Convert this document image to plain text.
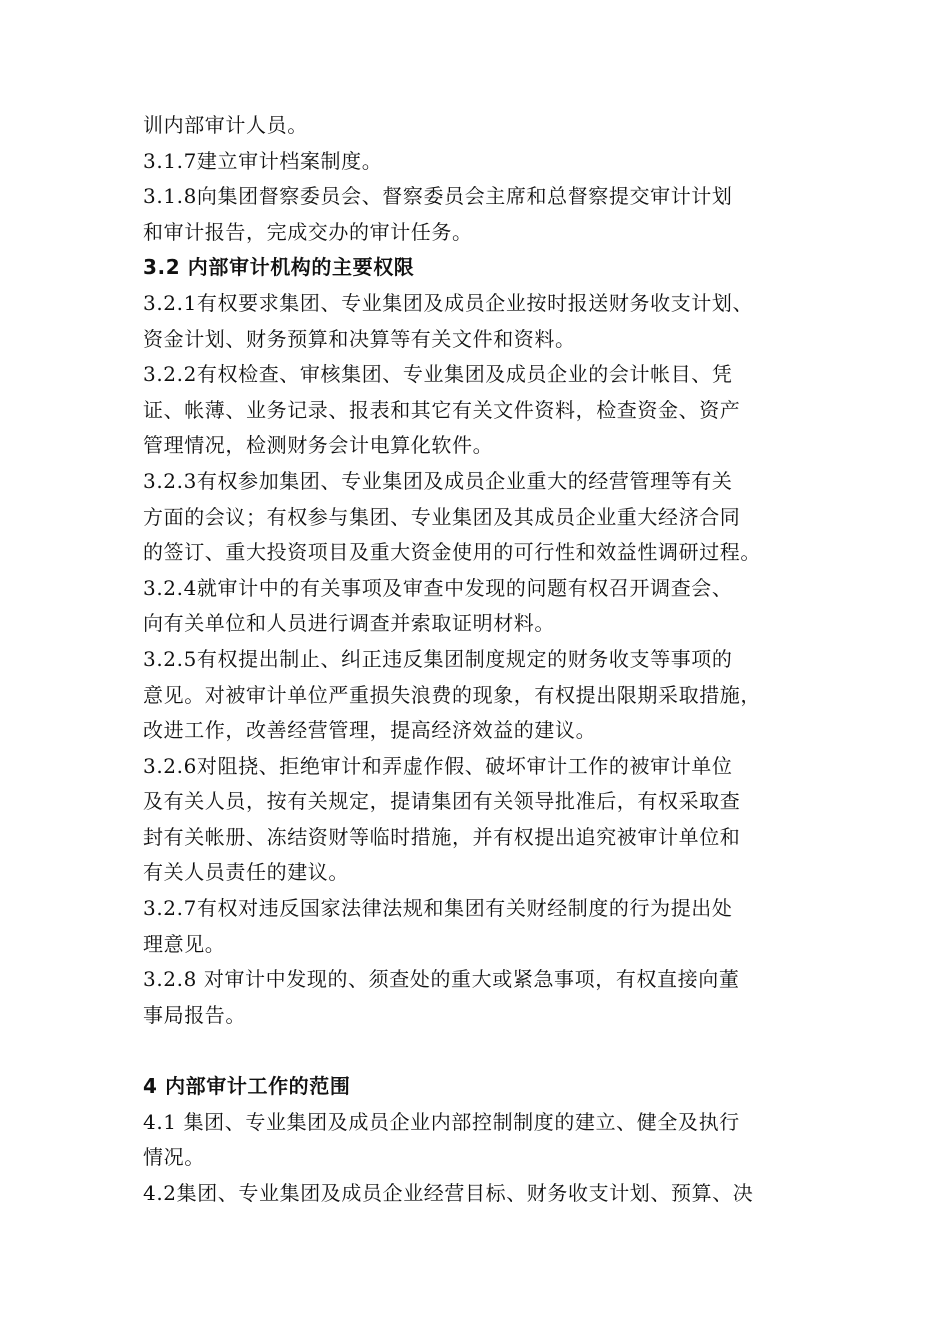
训内部审计人员。
3.1.7建立审计档案制度。
3.1.8向集团督察委员会、督察委员会主席和总督察提交审计计划
和审计报告，完成交办的审计任务。
3.2 内部审计机构的主要权限
3.2.1有权要求集团、专业集团及成员企业按时报送财务收支计划、
资金计划、财务预算和决算等有关文件和资料。
3.2.2有权检查、审核集团、专业集团及成员企业的会计帐目、凭
证、帐薄、业务记录、报表和其它有关文件资料，检查资金、资产
管理情况，检测财务会计电算化软件。
3.2.3有权参加集团、专业集团及成员企业重大的经营管理等有关
方面的会议；有权参与集团、专业集团及其成员企业重大经济合同
的签订、重大投资项目及重大资金使用的可行性和效益性调研过程。
3.2.4就审计中的有关事项及审查中发现的问题有权召开调查会、
向有关单位和人员进行调查并索取证明材料。
3.2.5有权提出制止、纠正违反集团制度规定的财务收支等事项的
意见。对被审计单位严重损失浪费的现象，有权提出限期采取措施，
改进工作，改善经营管理，提高经济效益的建议。
3.2.6对阻挠、拒绝审计和弄虚作假、破坏审计工作的被审计单位
及有关人员，按有关规定，提请集团有关领导批准后，有权采取查
封有关帐册、冻结资财等临时措施，并有权提出追究被审计单位和
有关人员责任的建议。
3.2.7有权对违反国家法律法规和集团有关财经制度的行为提出处
理意见。
3.2.8 对审计中发现的、须查处的重大或紧急事项，有权直接向董
事局报告。
4 内部审计工作的范围
4.1 集团、专业集团及成员企业内部控制制度的建立、健全及执行
情况。
4.2集团、专业集团及成员企业经营目标、财务收支计划、预算、决
